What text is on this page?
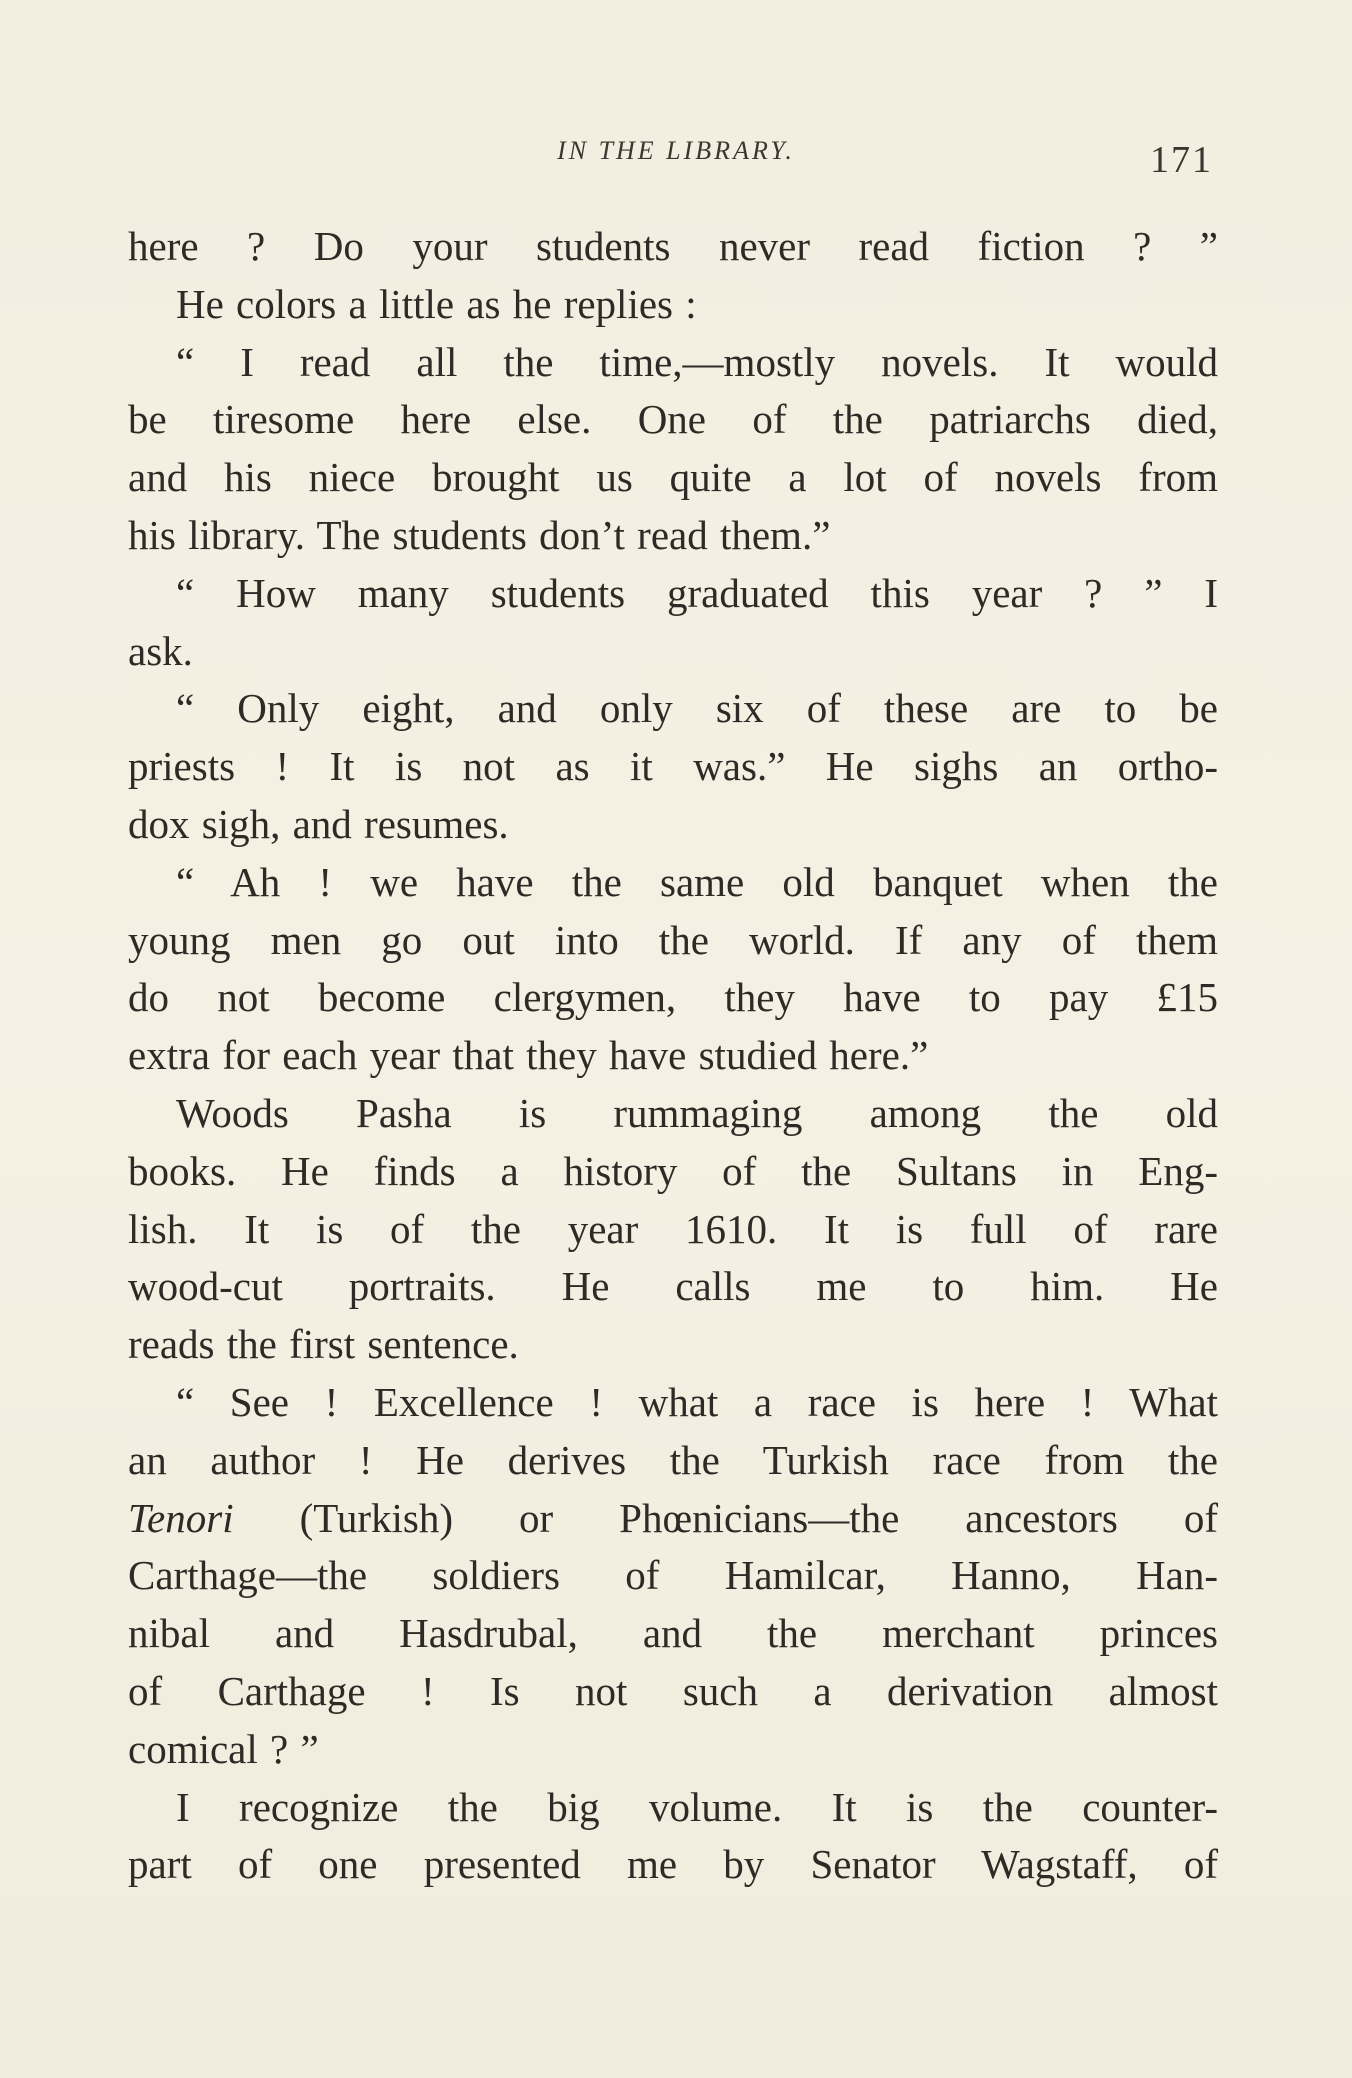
IN THE LIBRARY.	171
here ? Do your students never read fiction ? ”
He colors a little as he replies :
“ I read all the time,—mostly novels. It would
be tiresome here else. One of the patriarchs died,
and his niece brought us quite a lot of novels from
his library. The students don’t read them.”
“ How many students graduated this year ? ” I
ask.
“ Only eight, and only six of these are to be
priests ! It is not as it was.” He sighs an ortho-
dox sigh, and resumes.
“ Ah ! we have the same old banquet when the
young men go out into the world. If any of them
do not become clergymen, they have to pay £15
extra for each year that they have studied here.”
Woods Pasha is rummaging among the old
books. He finds a history of the Sultans in Eng-
lish. It is of the year 1610. It is full of rare
wood-cut portraits. He calls me to him. He
reads the first sentence.
“ See ! Excellence ! what a race is here ! What
an author ! He derives the Turkish race from the
Tenori (Turkish) or Phœnicians—the ancestors of
Carthage—the soldiers of Hamilcar, Hanno, Han-
nibal and Hasdrubal, and the merchant princes
of Carthage ! Is not such a derivation almost
comical ? ”
I recognize the big volume. It is the counter-
part of one presented me by Senator Wagstaff, of
